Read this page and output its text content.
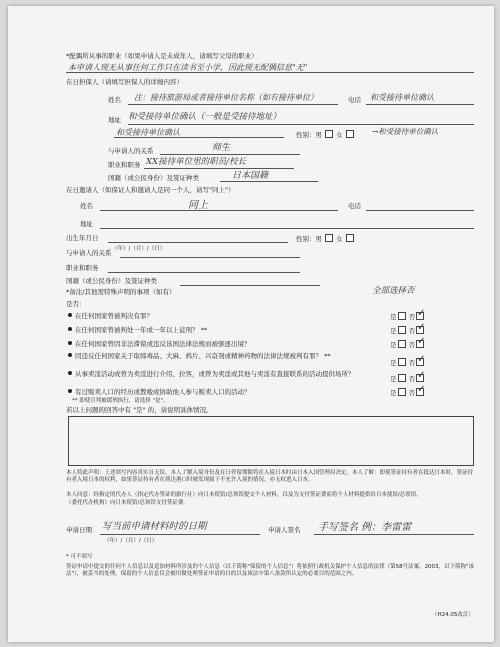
*配偶所从事的职业（如果申请人是未成年人，请填写父母的职业）
本申请人现无从事任何工作只在读书至小学，因此现无配偶信息"无"
在日担保人（请填写担保人的详细内容）
姓名 注：接待旅游局或者接待单位名称（如有接待单位）	电话 和受接待单位确认
地址 和受接待单位确认（一般是受接待地址）
和受接待单位确认	性别：男 女	→和受接待单位确认
与申请人的关系	师生
职业和职务 XX接待单位里的职员/校长
国籍（或公民身份）及签证种类	日本国籍
在日邀请人（如保证人和邀请人是同一个人，请写"同上"）
姓名	同上	电话
地址
出生年月日
（年）/（月）/（日）
性别：男 女
与申请人的关系
职业和职务
国籍（或公民身份）及签证种类
*备注/其他需特殊声明的事项（如有）	全部选择否
是否：
在任何国家曾被判决有罪？	是 否✓
在任何国家曾被判处一年或一年以上徒刑？ **	是 否✓
在任何国家曾因非法滞留或违反该国法律法规而被驱逐出境？	是 否✓
因违反任何国家关于取缔毒品、大麻、鸦片、兴奋剂或精神药物的法律法规被判有罪？ **
是 否✓
从事卖淫活动或曾为卖淫进行介绍、拉客，或曾为卖淫或其他与卖淫有直接联系的活动提供场所？
是 否✓
有过贩卖人口的经历或教唆或协助他人参与贩卖人口的活动？	是 否✓
** 即使宣判被缓刑执行，请选择 "是"。
若以上问题的回答中有 "是" 的，请说明具体情况。
本人特此声明：上述填写内容真实且无误。本人了解入境身份及在日停留期限将在入境日本时由日本入国管理局决定。本人了解：即使签证持有者在抵达日本时，签证持有者入境日本的权利，如果签证持有者在到达港口时被发现属于不允许入境的情况，亦无权进入日本。
本人同意：经指定的代办人（指定代办签证的旅行社）向日本使馆/总领馆提交个人材料，以及为支付签证费而将个人材料提供给日本使馆/总领馆。
（委托代办机构）向日本使馆/总领馆支付签证费。
申请日期 写当前申请材料时的日期
（年）/（月）/（日）
申请人签名 手写签名 例：李雷雷
* 可不填写
签证申请中提交的任何个人信息以及追加材料所涉及的个人信息（以下简称"保留的个人信息"）将依照行政机关保护个人信息的法律（第58号法案，2003，以下简称"该法"），被妥当的处理。保留的个人信息仅会被用做处理签证申请的目的以及该法中第八条款所认定的必要目的范围之内。
（H24.05改訂）
